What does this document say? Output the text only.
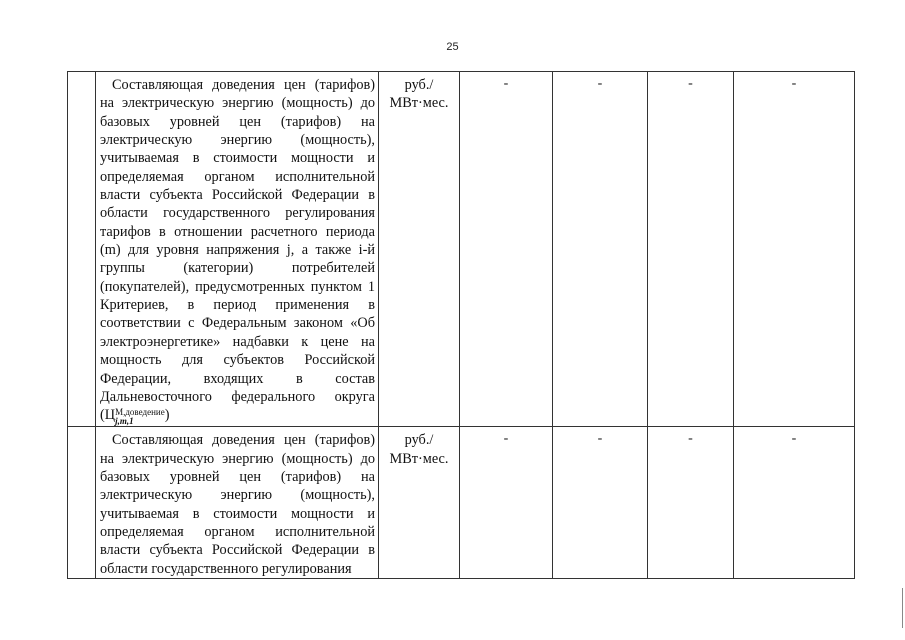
25
	Составляющая доведения цен (тарифов) на электрическую энергию (мощность) до базовых уровней цен (тарифов) на электрическую энергию (мощность), учитываемая в стоимости мощности и определяемая органом исполнительной власти субъекта Российской Федерации в области государственного регулирования тарифов в отношении расчетного периода (m) для уровня напряжения j, а также i-й группы (категории) потребителей (покупателей), предусмотренных пунктом 1 Критериев, в период применения в соответствии с Федеральным законом «Об электроэнергетике» надбавки к цене на мощность для субъектов Российской Федерации, входящих в состав Дальневосточного федерального округа (Ц М,доведение
j,m,1 )	руб./
МВт·мес.	-	-	-	-
	Составляющая доведения цен (тарифов) на электрическую энергию (мощность) до базовых уровней цен (тарифов) на электрическую энергию (мощность), учитываемая в стоимости мощности и определяемая органом исполнительной власти субъекта Российской Федерации в области государственного регулирования	руб./
МВт·мес.	-	-	-	-
